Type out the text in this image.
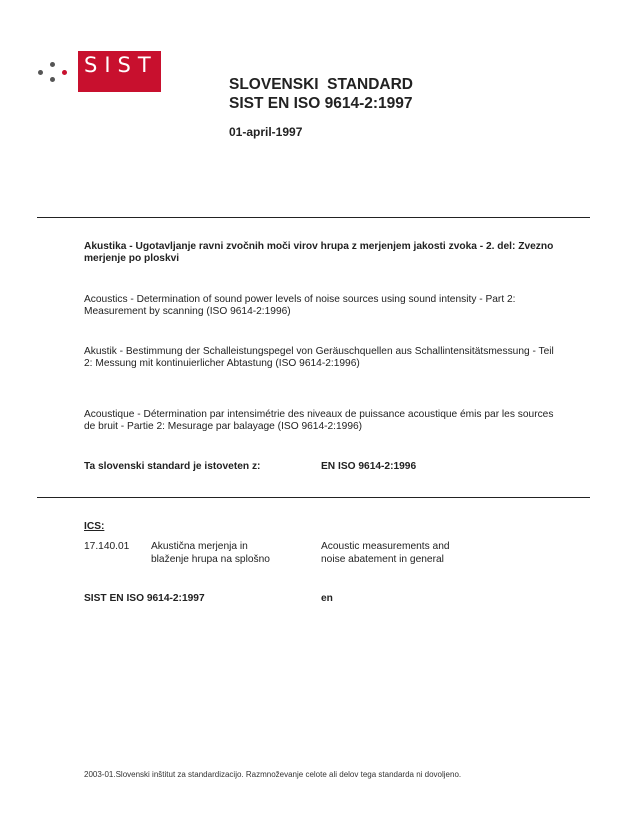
SIST
SLOVENSKI  STANDARD
SIST EN ISO 9614-2:1997
01-april-1997
Akustika - Ugotavljanje ravni zvočnih moči virov hrupa z merjenjem jakosti zvoka - 2. del: Zvezno merjenje po ploskvi
Acoustics - Determination of sound power levels of noise sources using sound intensity - Part 2: Measurement by scanning (ISO 9614-2:1996)
Akustik - Bestimmung der Schalleistungspegel von Geräuschquellen aus Schallintensitätsmessung - Teil 2: Messung mit kontinuierlicher Abtastung (ISO 9614-2:1996)
Acoustique - Détermination par intensimétrie des niveaux de puissance acoustique émis par les sources de bruit - Partie 2: Mesurage par balayage (ISO 9614-2:1996)
Ta slovenski standard je istoveten z:	EN ISO 9614-2:1996
ICS:
17.140.01 Akustična merjenja in
blaženje hrupa na splošno
Acoustic measurements and
noise abatement in general
SIST EN ISO 9614-2:1997	en
2003-01.Slovenski inštitut za standardizacijo. Razmnoževanje celote ali delov tega standarda ni dovoljeno.
